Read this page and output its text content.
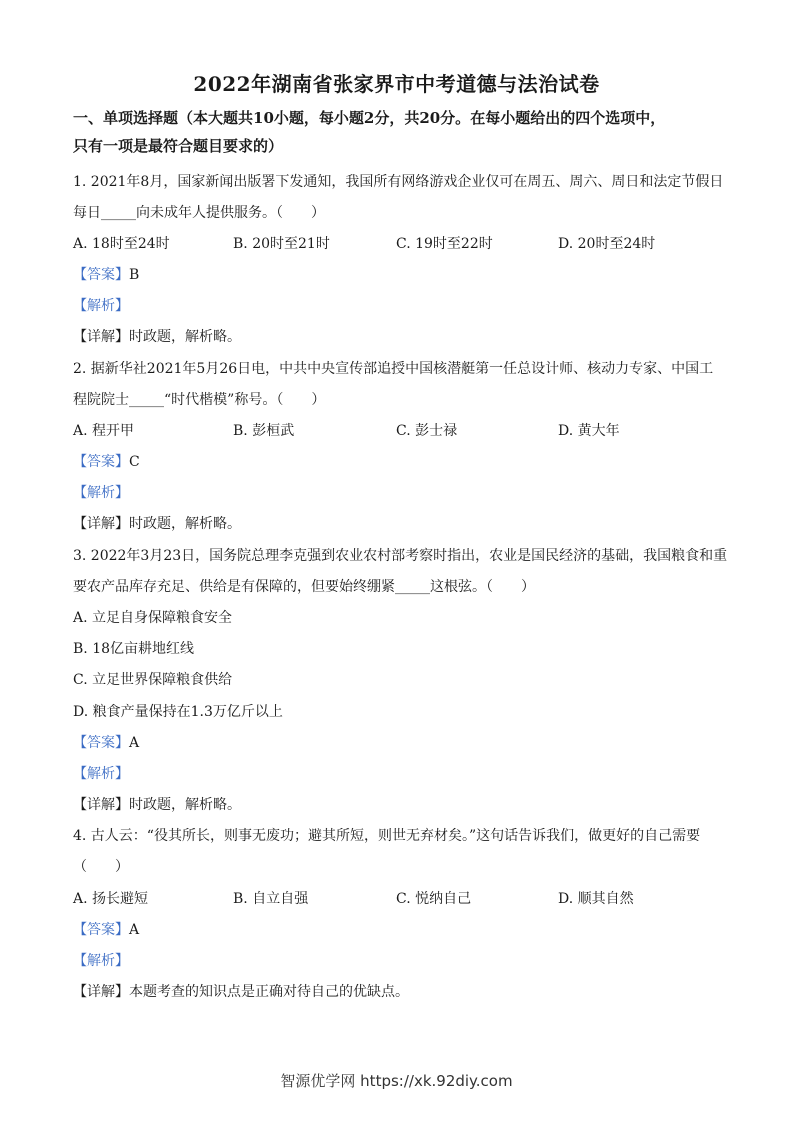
2022年湖南省张家界市中考道德与法治试卷
一、单项选择题（本大题共10小题，每小题2分，共20分。在每小题给出的四个选项中，
只有一项是最符合题目要求的）
1. 2021年8月，国家新闻出版署下发通知，我国所有网络游戏企业仅可在周五、周六、周日和法定节假日
每日_____向未成年人提供服务。（　　）
A. 18时至24时	B. 20时至21时	C. 19时至22时	D. 20时至24时
【答案】B
【解析】
【详解】时政题，解析略。
2. 据新华社2021年5月26日电，中共中央宣传部追授中国核潜艇第一任总设计师、核动力专家、中国工
程院院士_____“时代楷模”称号。（　　）
A. 程开甲	B. 彭桓武	C. 彭士禄	D. 黄大年
【答案】C
【解析】
【详解】时政题，解析略。
3. 2022年3月23日，国务院总理李克强到农业农村部考察时指出，农业是国民经济的基础，我国粮食和重
要农产品库存充足、供给是有保障的，但要始终绷紧_____这根弦。（　　）
A. 立足自身保障粮食安全
B. 18亿亩耕地红线
C. 立足世界保障粮食供给
D. 粮食产量保持在1.3万亿斤以上
【答案】A
【解析】
【详解】时政题，解析略。
4. 古人云：“役其所长，则事无废功；避其所短，则世无弃材矣。”这句话告诉我们，做更好的自己需要
（　　）
A. 扬长避短	B. 自立自强	C. 悦纳自己	D. 顺其自然
【答案】A
【解析】
【详解】本题考查的知识点是正确对待自己的优缺点。
智源优学网 https://xk.92diy.com
